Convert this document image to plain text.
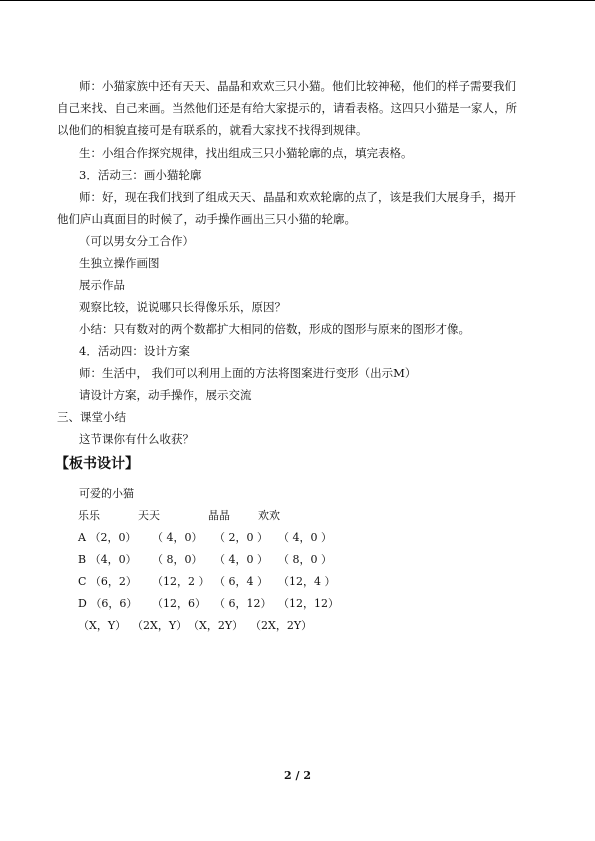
师：小猫家族中还有天天、晶晶和欢欢三只小猫。他们比较神秘，他们的样子需要我们
自己来找、自己来画。当然他们还是有给大家提示的，请看表格。这四只小猫是一家人，所
以他们的相貌直接可是有联系的，就看大家找不找得到规律。
生：小组合作探究规律，找出组成三只小猫轮廓的点，填完表格。
3．活动三：画小猫轮廓
师：好，现在我们找到了组成天天、晶晶和欢欢轮廓的点了，该是我们大展身手，揭开
他们庐山真面目的时候了，动手操作画出三只小猫的轮廓。
（可以男女分工合作）
生独立操作画图
展示作品
观察比较，说说哪只长得像乐乐，原因？
小结：只有数对的两个数都扩大相同的倍数，形成的图形与原来的图形才像。
4．活动四：设计方案
师：生活中， 我们可以利用上面的方法将图案进行变形（出示M）
请设计方案，动手操作，展示交流
三、课堂小结
这节课你有什么收获？
【板书设计】
可爱的小猫
乐乐	天天	晶晶	欢欢
A （2，0） （ 4，0） （ 2，0 ） （ 4，0 ）
B （4，0） （ 8，0） （ 4，0 ） （ 8，0 ）
C （6，2） （12，2 ） （ 6，4 ） （12，4 ）
D （6，6） （12，6） （ 6，12） （12，12）
（X，Y） （2X，Y） （X，2Y） （2X，2Y）
2 / 2
